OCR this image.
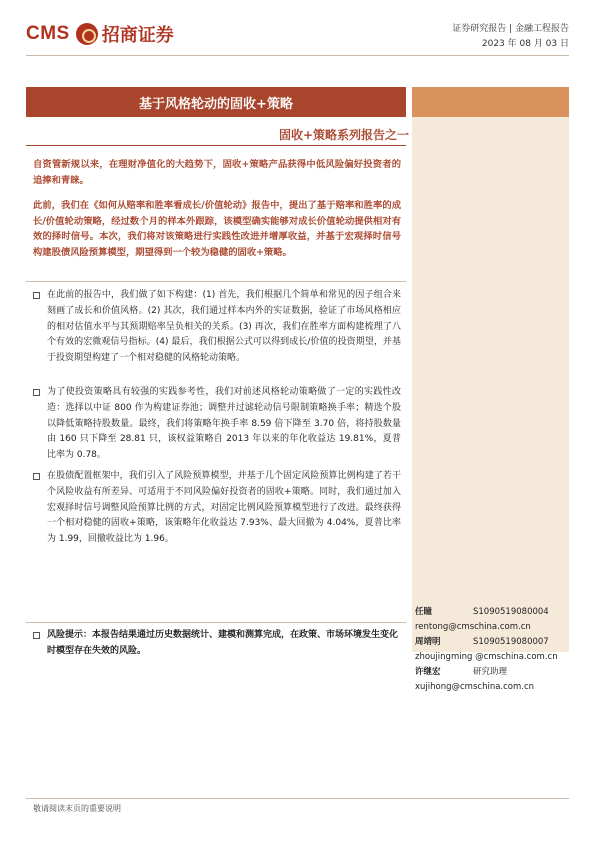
CMS 招商证券	证券研究报告 | 金融工程报告
2023 年 08 月 03 日
基于风格轮动的固收+策略
固收+策略系列报告之一
自资管新规以来，在理财净值化的大趋势下，固收+策略产品获得中低风险偏好投资者的追捧和青睐。
此前，我们在《如何从赔率和胜率看成长/价值轮动》报告中，提出了基于赔率和胜率的成长/价值轮动策略，经过数个月的样本外跟踪，该模型确实能够对成长价值轮动提供相对有效的择时信号。本次，我们将对该策略进行实践性改进并增厚收益，并基于宏观择时信号构建股债风险预算模型，期望得到一个较为稳健的固收+策略。
在此前的报告中，我们做了如下构建：(1) 首先，我们根据几个简单和常见的因子组合来刻画了成长和价值风格。(2) 其次，我们通过样本内外的实证数据，验证了市场风格相应的相对估值水平与其预期赔率呈负相关的关系。(3) 再次，我们在胜率方面构建梳理了八个有效的宏微观信号指标。(4) 最后，我们根据公式可以得到成长/价值的投资期望，并基于投资期望构建了一个相对稳健的风格轮动策略。
为了使投资策略具有较强的实践参考性，我们对前述风格轮动策略做了一定的实践性改造：选择以中证 800 作为构建证券池；调整并过滤轮动信号限制策略换手率；精选个股以降低策略持股数量。最终，我们将策略年换手率 8.59 倍下降至 3.70 倍，将持股数量由 160 只下降至 28.81 只，该权益策略自 2013 年以来的年化收益达 19.81%，夏普比率为 0.78。
在股债配置框架中，我们引入了风险预算模型，并基于几个固定风险预算比例构建了若干个风险收益有所差异、可适用于不同风险偏好投资者的固收+策略。同时，我们通过加入宏观择时信号调整风险预算比例的方式，对固定比例风险预算模型进行了改进。最终获得一个相对稳健的固收+策略，该策略年化收益达 7.93%、最大回撤为 4.04%，夏普比率为 1.99，回撤收益比为 1.96。
风险提示：本报告结果通过历史数据统计、建模和测算完成，在政策、市场环境发生变化时模型存在失效的风险。
任瞳	S1090519080004
rentong@cmschina.com.cn
周靖明	S1090519080007
zhoujingming @cmschina.com.cn
许继宏	研究助理
xujihong@cmschina.com.cn
敬请阅读末页的重要说明
